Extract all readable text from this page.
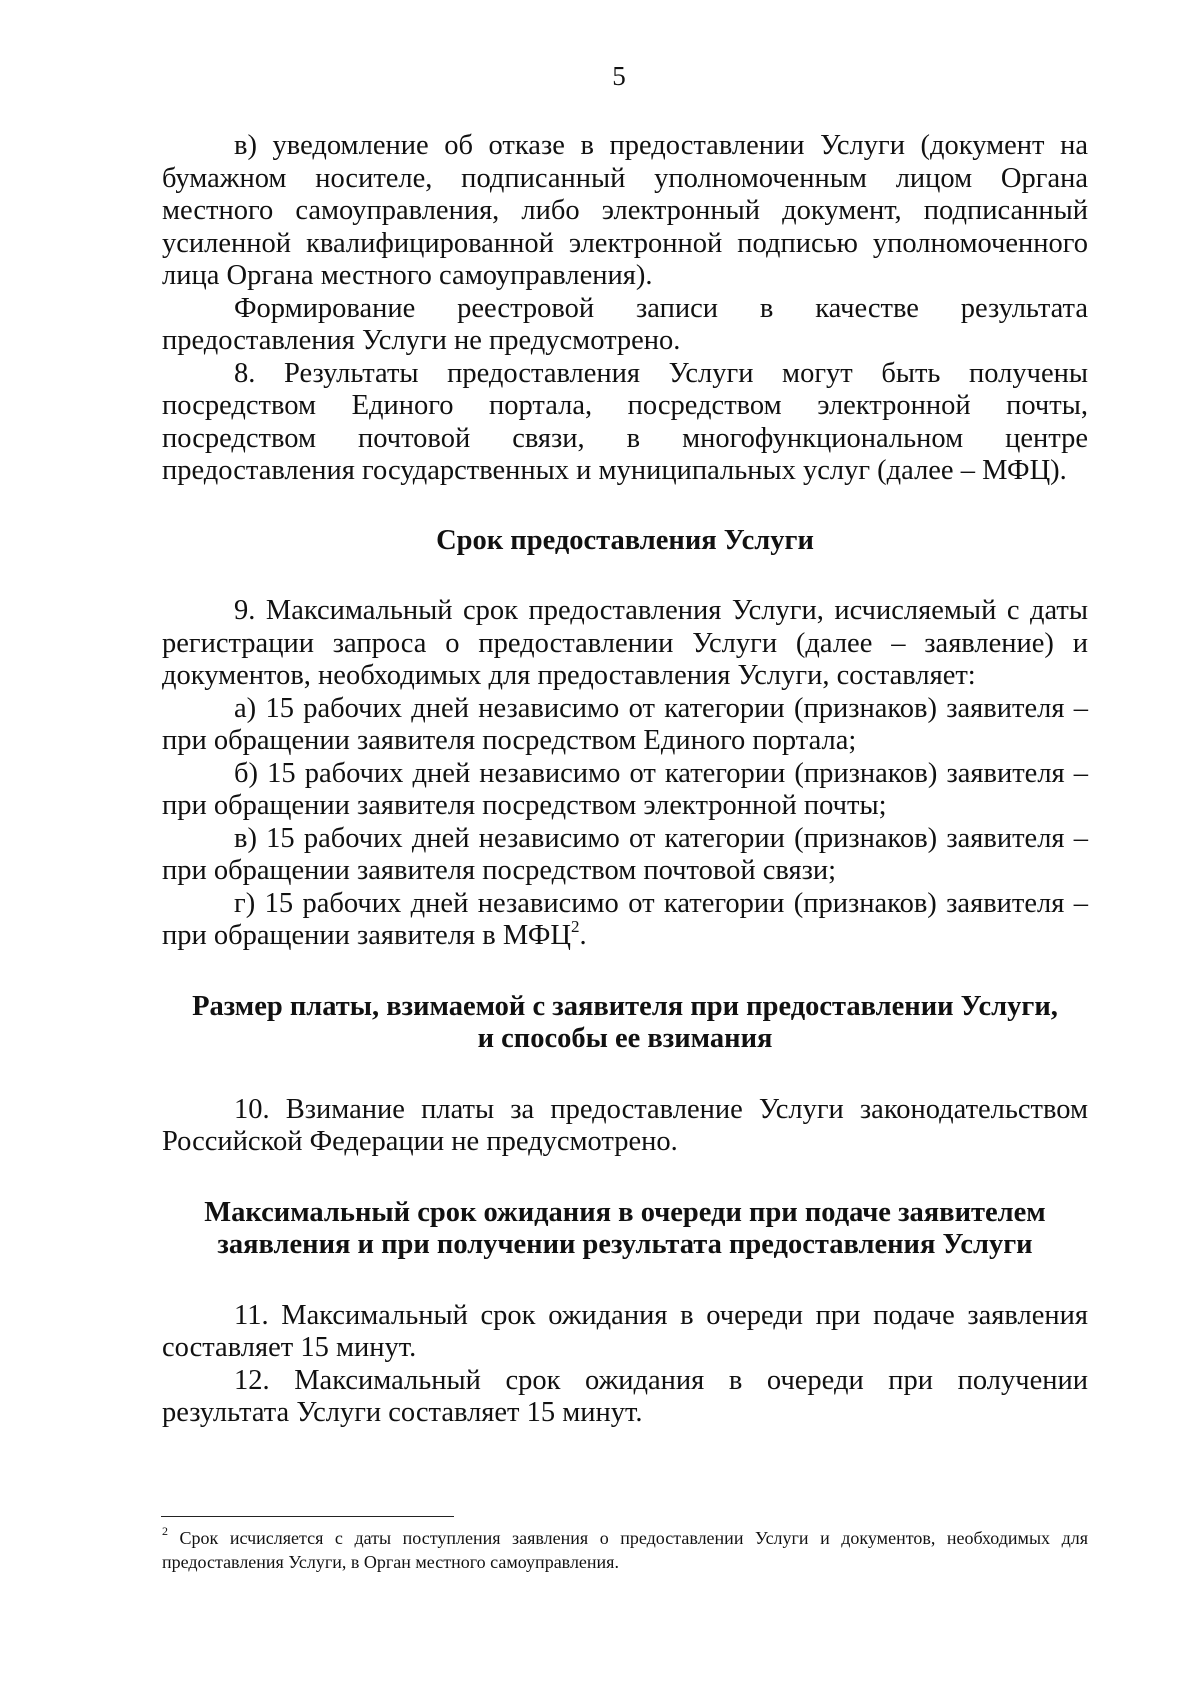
5

в) уведомление об отказе в предоставлении Услуги (документ на бумажном носителе, подписанный уполномоченным лицом Органа местного самоуправления, либо электронный документ, подписанный усиленной квалифицированной электронной подписью уполномоченного лица Органа местного самоуправления).

Формирование реестровой записи в качестве результата предоставления Услуги не предусмотрено.

8. Результаты предоставления Услуги могут быть получены посредством Единого портала, посредством электронной почты, посредством почтовой связи, в многофункциональном центре предоставления государственных и муниципальных услуг (далее – МФЦ).

Срок предоставления Услуги

9. Максимальный срок предоставления Услуги, исчисляемый с даты регистрации запроса о предоставлении Услуги (далее – заявление) и документов, необходимых для предоставления Услуги, составляет:

а) 15 рабочих дней независимо от категории (признаков) заявителя – при обращении заявителя посредством Единого портала;

б) 15 рабочих дней независимо от категории (признаков) заявителя – при обращении заявителя посредством электронной почты;

в) 15 рабочих дней независимо от категории (признаков) заявителя – при обращении заявителя посредством почтовой связи;

г) 15 рабочих дней независимо от категории (признаков) заявителя – при обращении заявителя в МФЦ$^2$.

Размер платы, взимаемой с заявителя при предоставлении Услуги,

и способы ее взимания

10. Взимание платы за предоставление Услуги законодательством Российской Федерации не предусмотрено.

Максимальный срок ожидания в очереди при подаче заявителем

заявления и при получении результата предоставления Услуги

11. Максимальный срок ожидания в очереди при подаче заявления составляет 15 минут.

12. Максимальный срок ожидания в очереди при получении результата Услуги составляет 15 минут.

$^2$ Срок исчисляется с даты поступления заявления о предоставлении Услуги и документов, необходимых для предоставления Услуги, в Орган местного самоуправления.
